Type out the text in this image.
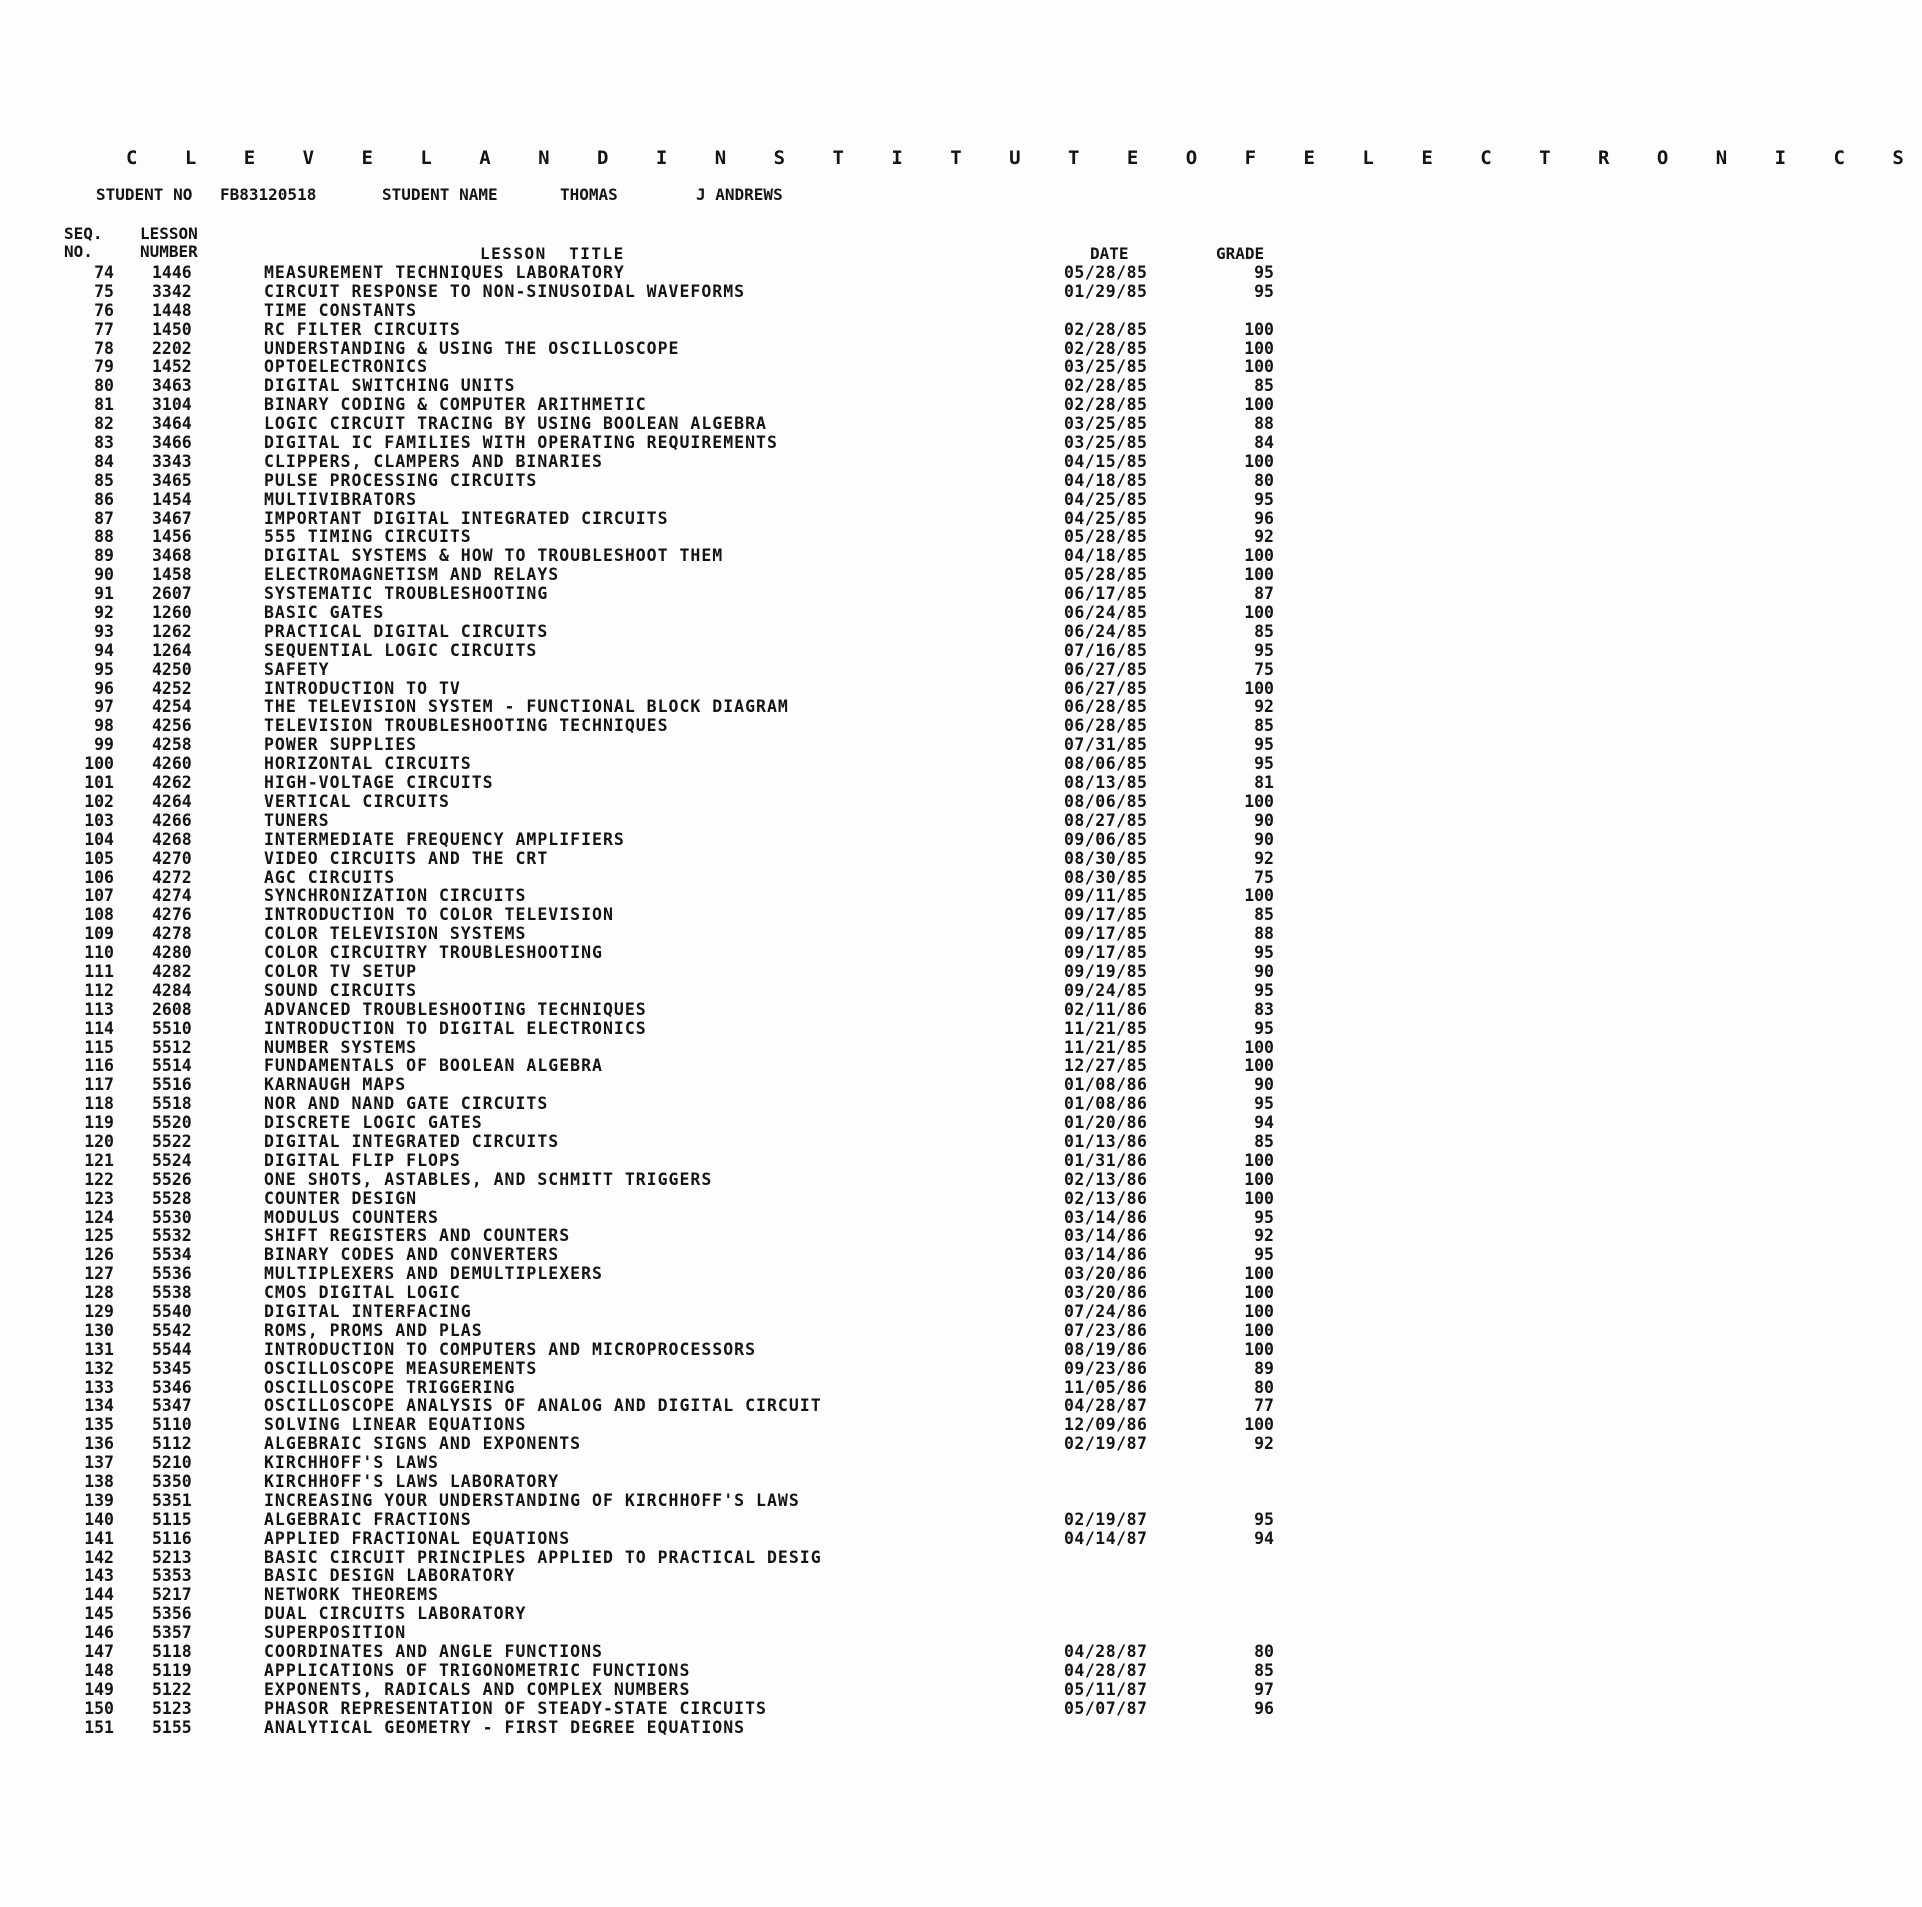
C L E V E L A N D I N S T I T U T E O F E L E C T R O N I C S
STUDENT NO FB83120518	STUDENT NAME	THOMAS	J ANDREWS
SEQ.
NO.
LESSON
NUMBER	LESSON  TITLE	DATE	GRADE
74 1446	MEASUREMENT TECHNIQUES LABORATORY	05/28/85	95
75 3342	CIRCUIT RESPONSE TO NON-SINUSOIDAL WAVEFORMS	01/29/85	95
76 1448	TIME CONSTANTS
77 1450	RC FILTER CIRCUITS	02/28/85	100
78 2202	UNDERSTANDING & USING THE OSCILLOSCOPE	02/28/85	100
79 1452	OPTOELECTRONICS	03/25/85	100
80 3463	DIGITAL SWITCHING UNITS	02/28/85	85
81 3104	BINARY CODING & COMPUTER ARITHMETIC	02/28/85	100
82 3464	LOGIC CIRCUIT TRACING BY USING BOOLEAN ALGEBRA	03/25/85	88
83 3466	DIGITAL IC FAMILIES WITH OPERATING REQUIREMENTS	03/25/85	84
84 3343	CLIPPERS, CLAMPERS AND BINARIES	04/15/85	100
85 3465	PULSE PROCESSING CIRCUITS	04/18/85	80
86 1454	MULTIVIBRATORS	04/25/85	95
87 3467	IMPORTANT DIGITAL INTEGRATED CIRCUITS	04/25/85	96
88 1456	555 TIMING CIRCUITS	05/28/85	92
89 3468	DIGITAL SYSTEMS & HOW TO TROUBLESHOOT THEM	04/18/85	100
90 1458	ELECTROMAGNETISM AND RELAYS	05/28/85	100
91 2607	SYSTEMATIC TROUBLESHOOTING	06/17/85	87
92 1260	BASIC GATES	06/24/85	100
93 1262	PRACTICAL DIGITAL CIRCUITS	06/24/85	85
94 1264	SEQUENTIAL LOGIC CIRCUITS	07/16/85	95
95 4250	SAFETY	06/27/85	75
96 4252	INTRODUCTION TO TV	06/27/85	100
97 4254	THE TELEVISION SYSTEM - FUNCTIONAL BLOCK DIAGRAM	06/28/85	92
98 4256	TELEVISION TROUBLESHOOTING TECHNIQUES	06/28/85	85
99 4258	POWER SUPPLIES	07/31/85	95
100 4260	HORIZONTAL CIRCUITS	08/06/85	95
101 4262	HIGH-VOLTAGE CIRCUITS	08/13/85	81
102 4264	VERTICAL CIRCUITS	08/06/85	100
103 4266	TUNERS	08/27/85	90
104 4268	INTERMEDIATE FREQUENCY AMPLIFIERS	09/06/85	90
105 4270	VIDEO CIRCUITS AND THE CRT	08/30/85	92
106 4272	AGC CIRCUITS	08/30/85	75
107 4274	SYNCHRONIZATION CIRCUITS	09/11/85	100
108 4276	INTRODUCTION TO COLOR TELEVISION	09/17/85	85
109 4278	COLOR TELEVISION SYSTEMS	09/17/85	88
110 4280	COLOR CIRCUITRY TROUBLESHOOTING	09/17/85	95
111 4282	COLOR TV SETUP	09/19/85	90
112 4284	SOUND CIRCUITS	09/24/85	95
113 2608	ADVANCED TROUBLESHOOTING TECHNIQUES	02/11/86	83
114 5510	INTRODUCTION TO DIGITAL ELECTRONICS	11/21/85	95
115 5512	NUMBER SYSTEMS	11/21/85	100
116 5514	FUNDAMENTALS OF BOOLEAN ALGEBRA	12/27/85	100
117 5516	KARNAUGH MAPS	01/08/86	90
118 5518	NOR AND NAND GATE CIRCUITS	01/08/86	95
119 5520	DISCRETE LOGIC GATES	01/20/86	94
120 5522	DIGITAL INTEGRATED CIRCUITS	01/13/86	85
121 5524	DIGITAL FLIP FLOPS	01/31/86	100
122 5526	ONE SHOTS, ASTABLES, AND SCHMITT TRIGGERS	02/13/86	100
123 5528	COUNTER DESIGN	02/13/86	100
124 5530	MODULUS COUNTERS	03/14/86	95
125 5532	SHIFT REGISTERS AND COUNTERS	03/14/86	92
126 5534	BINARY CODES AND CONVERTERS	03/14/86	95
127 5536	MULTIPLEXERS AND DEMULTIPLEXERS	03/20/86	100
128 5538	CMOS DIGITAL LOGIC	03/20/86	100
129 5540	DIGITAL INTERFACING	07/24/86	100
130 5542	ROMS, PROMS AND PLAS	07/23/86	100
131 5544	INTRODUCTION TO COMPUTERS AND MICROPROCESSORS	08/19/86	100
132 5345	OSCILLOSCOPE MEASUREMENTS	09/23/86	89
133 5346	OSCILLOSCOPE TRIGGERING	11/05/86	80
134 5347	OSCILLOSCOPE ANALYSIS OF ANALOG AND DIGITAL CIRCUIT	04/28/87	77
135 5110	SOLVING LINEAR EQUATIONS	12/09/86	100
136 5112	ALGEBRAIC SIGNS AND EXPONENTS	02/19/87	92
137 5210	KIRCHHOFF'S LAWS
138 5350	KIRCHHOFF'S LAWS LABORATORY
139 5351	INCREASING YOUR UNDERSTANDING OF KIRCHHOFF'S LAWS
140 5115	ALGEBRAIC FRACTIONS	02/19/87	95
141 5116	APPLIED FRACTIONAL EQUATIONS	04/14/87	94
142 5213	BASIC CIRCUIT PRINCIPLES APPLIED TO PRACTICAL DESIG
143 5353	BASIC DESIGN LABORATORY
144 5217	NETWORK THEOREMS
145 5356	DUAL CIRCUITS LABORATORY
146 5357	SUPERPOSITION
147 5118	COORDINATES AND ANGLE FUNCTIONS	04/28/87	80
148 5119	APPLICATIONS OF TRIGONOMETRIC FUNCTIONS	04/28/87	85
149 5122	EXPONENTS, RADICALS AND COMPLEX NUMBERS	05/11/87	97
150 5123	PHASOR REPRESENTATION OF STEADY-STATE CIRCUITS	05/07/87	96
151 5155	ANALYTICAL GEOMETRY - FIRST DEGREE EQUATIONS
